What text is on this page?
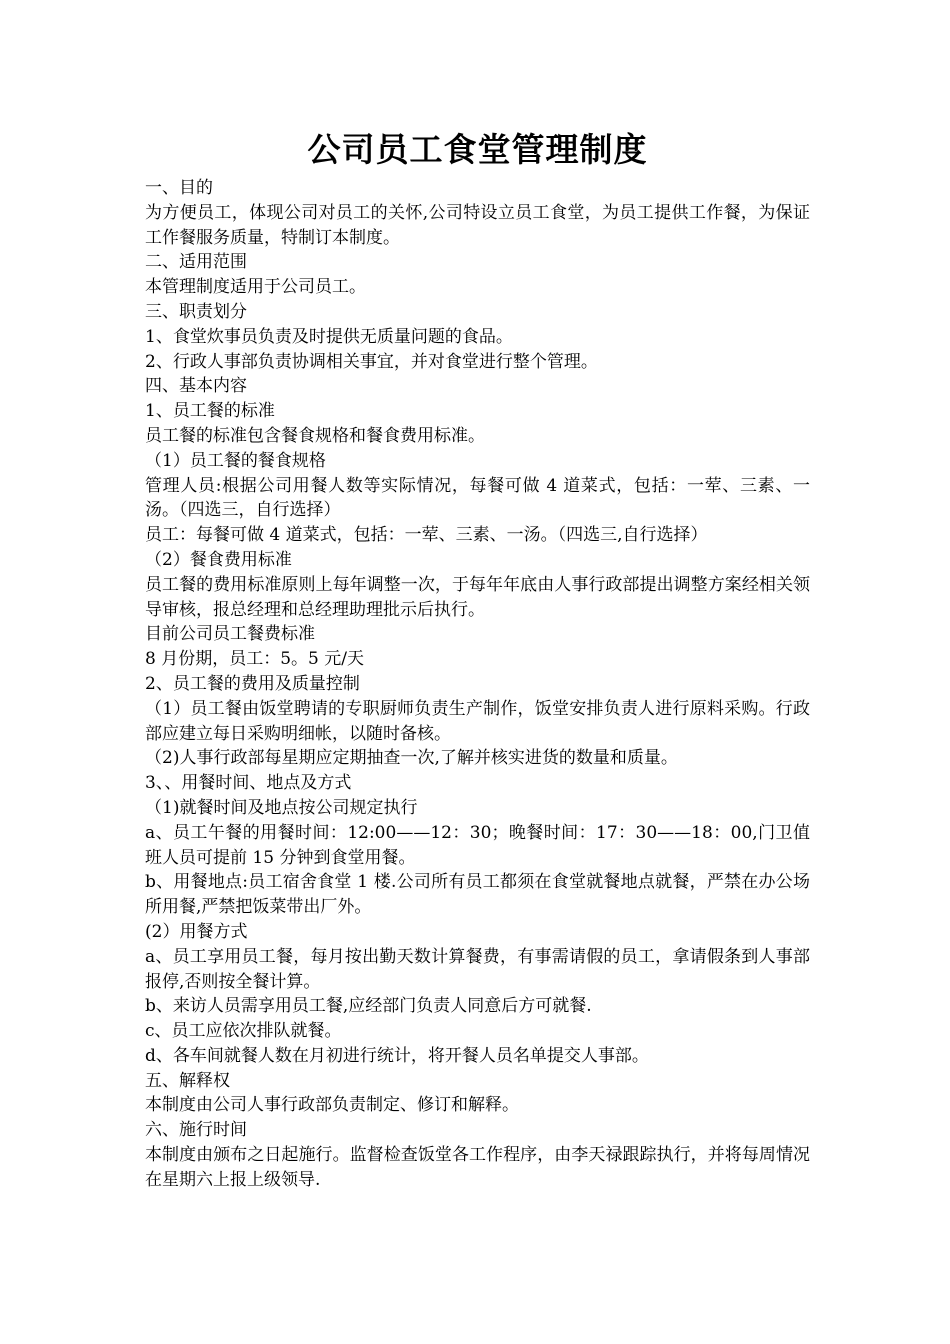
公司员工食堂管理制度

一、目的

为方便员工，体现公司对员工的关怀,公司特设立员工食堂，为员工提供工作餐，为保证工作餐服务质量，特制订本制度。

二、适用范围

本管理制度适用于公司员工。

三、职责划分

1、食堂炊事员负责及时提供无质量问题的食品。

2、行政人事部负责协调相关事宜，并对食堂进行整个管理。

四、基本内容

1、员工餐的标准

员工餐的标准包含餐食规格和餐食费用标准。

（1）员工餐的餐食规格

管理人员:根据公司用餐人数等实际情况，每餐可做 4 道菜式，包括：一荤、三素、一汤。（四选三，自行选择）

员工：每餐可做 4 道菜式，包括：一荤、三素、一汤。（四选三,自行选择）

（2）餐食费用标准

员工餐的费用标准原则上每年调整一次，于每年年底由人事行政部提出调整方案经相关领导审核，报总经理和总经理助理批示后执行。

目前公司员工餐费标准

8 月份期，员工：5。5 元/天

2、员工餐的费用及质量控制

（1）员工餐由饭堂聘请的专职厨师负责生产制作，饭堂安排负责人进行原料采购。行政部应建立每日采购明细帐，以随时备核。

（2)人事行政部每星期应定期抽查一次,了解并核实进货的数量和质量。

3、、用餐时间、地点及方式

（1)就餐时间及地点按公司规定执行

a、员工午餐的用餐时间：12:00——12：30；晚餐时间：17：30——18：00,门卫值班人员可提前 15 分钟到食堂用餐。

b、用餐地点:员工宿舍食堂 1 楼.公司所有员工都须在食堂就餐地点就餐，严禁在办公场所用餐,严禁把饭菜带出厂外。

(2）用餐方式

a、员工享用员工餐，每月按出勤天数计算餐费，有事需请假的员工，拿请假条到人事部报停,否则按全餐计算。

b、来访人员需享用员工餐,应经部门负责人同意后方可就餐.

c、员工应依次排队就餐。

d、各车间就餐人数在月初进行统计，将开餐人员名单提交人事部。

五、解释权

本制度由公司人事行政部负责制定、修订和解释。

六、施行时间

本制度由颁布之日起施行。监督检查饭堂各工作程序，由李天禄跟踪执行，并将每周情况在星期六上报上级领导.
